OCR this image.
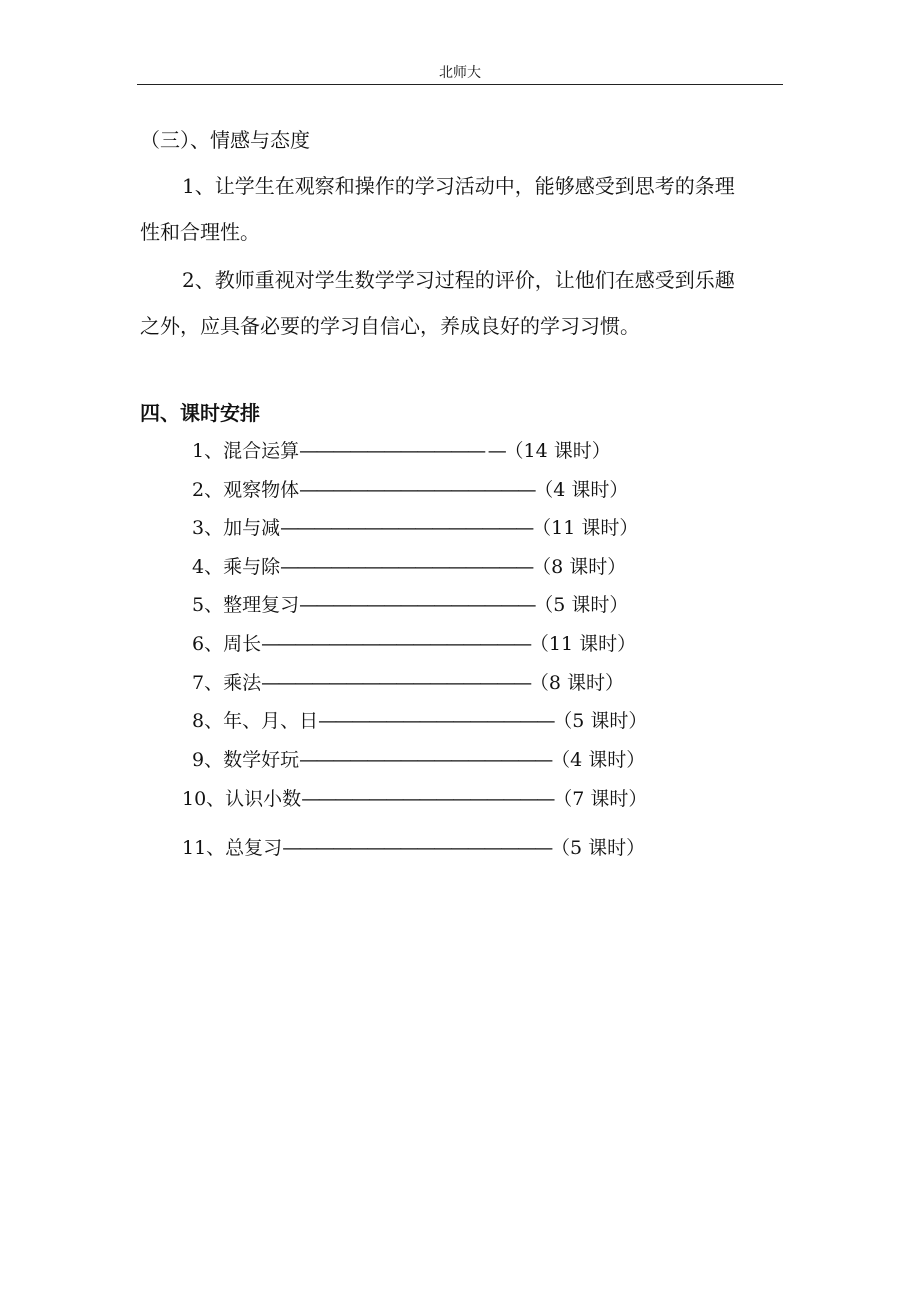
北师大

（三）、情感与态度

1、让学生在观察和操作的学习活动中，能够感受到思考的条理

性和合理性。

2、教师重视对学生数学学习过程的评价，让他们在感受到乐趣

之外，应具备必要的学习自信心，养成良好的学习习惯。

四、课时安排
1、混合运算——————————— —（14 课时）
2、观察物体——————————————（4 课时）
3、加与减———————————————（11 课时）
4、乘与除———————————————（8 课时）
5、整理复习——————————————（5 课时）
6、周长————————————————（11 课时）
7、乘法————————————————（8 课时）
8、年、月、日——————————————（5 课时）
9、数学好玩———————————————（4 课时）
10、认识小数———————————————（7 课时）
11、总复习————————————————（5 课时）
